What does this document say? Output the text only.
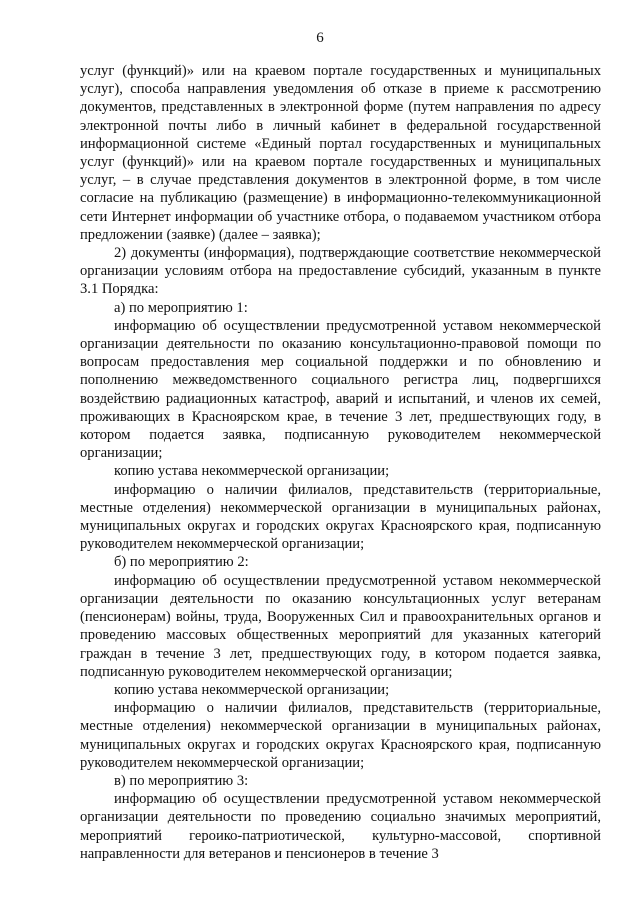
6

услуг (функций)» или на краевом портале государственных и муниципальных услуг), способа направления уведомления об отказе в приеме к рассмотрению документов, представленных в электронной форме (путем направления по адресу электронной почты либо в личный кабинет в федеральной государственной информационной системе «Единый портал государственных и муниципальных услуг (функций)» или на краевом портале государственных и муниципальных услуг, – в случае представления документов в электронной форме, в том числе согласие на публикацию (размещение) в информационно-телекоммуникационной сети Интернет информации об участнике отбора, о подаваемом участником отбора предложении (заявке) (далее – заявка);

2) документы (информация), подтверждающие соответствие некоммерческой организации условиям отбора на предоставление субсидий, указанным в пункте 3.1 Порядка:

а) по мероприятию 1:

информацию об осуществлении предусмотренной уставом некоммерческой организации деятельности по оказанию консультационно-правовой помощи по вопросам предоставления мер социальной поддержки и по обновлению и пополнению межведомственного социального регистра лиц, подвергшихся воздействию радиационных катастроф, аварий и испытаний, и членов их семей, проживающих в Красноярском крае, в течение 3 лет, предшествующих году, в котором подается заявка, подписанную руководителем некоммерческой организации;

копию устава некоммерческой организации;

информацию о наличии филиалов, представительств (территориальные, местные отделения) некоммерческой организации в муниципальных районах, муниципальных округах и городских округах Красноярского края, подписанную руководителем некоммерческой организации;

б) по мероприятию 2:

информацию об осуществлении предусмотренной уставом некоммерческой организации деятельности по оказанию консультационных услуг ветеранам (пенсионерам) войны, труда, Вооруженных Сил и правоохранительных органов и проведению массовых общественных мероприятий для указанных категорий граждан в течение 3 лет, предшествующих году, в котором подается заявка, подписанную руководителем некоммерческой организации;

копию устава некоммерческой организации;

информацию о наличии филиалов, представительств (территориальные, местные отделения) некоммерческой организации в муниципальных районах, муниципальных округах и городских округах Красноярского края, подписанную руководителем некоммерческой организации;

в) по мероприятию 3:

информацию об осуществлении предусмотренной уставом некоммерческой организации деятельности по проведению социально значимых мероприятий, мероприятий героико-патриотической, культурно-массовой, спортивной направленности для ветеранов и пенсионеров в течение 3
